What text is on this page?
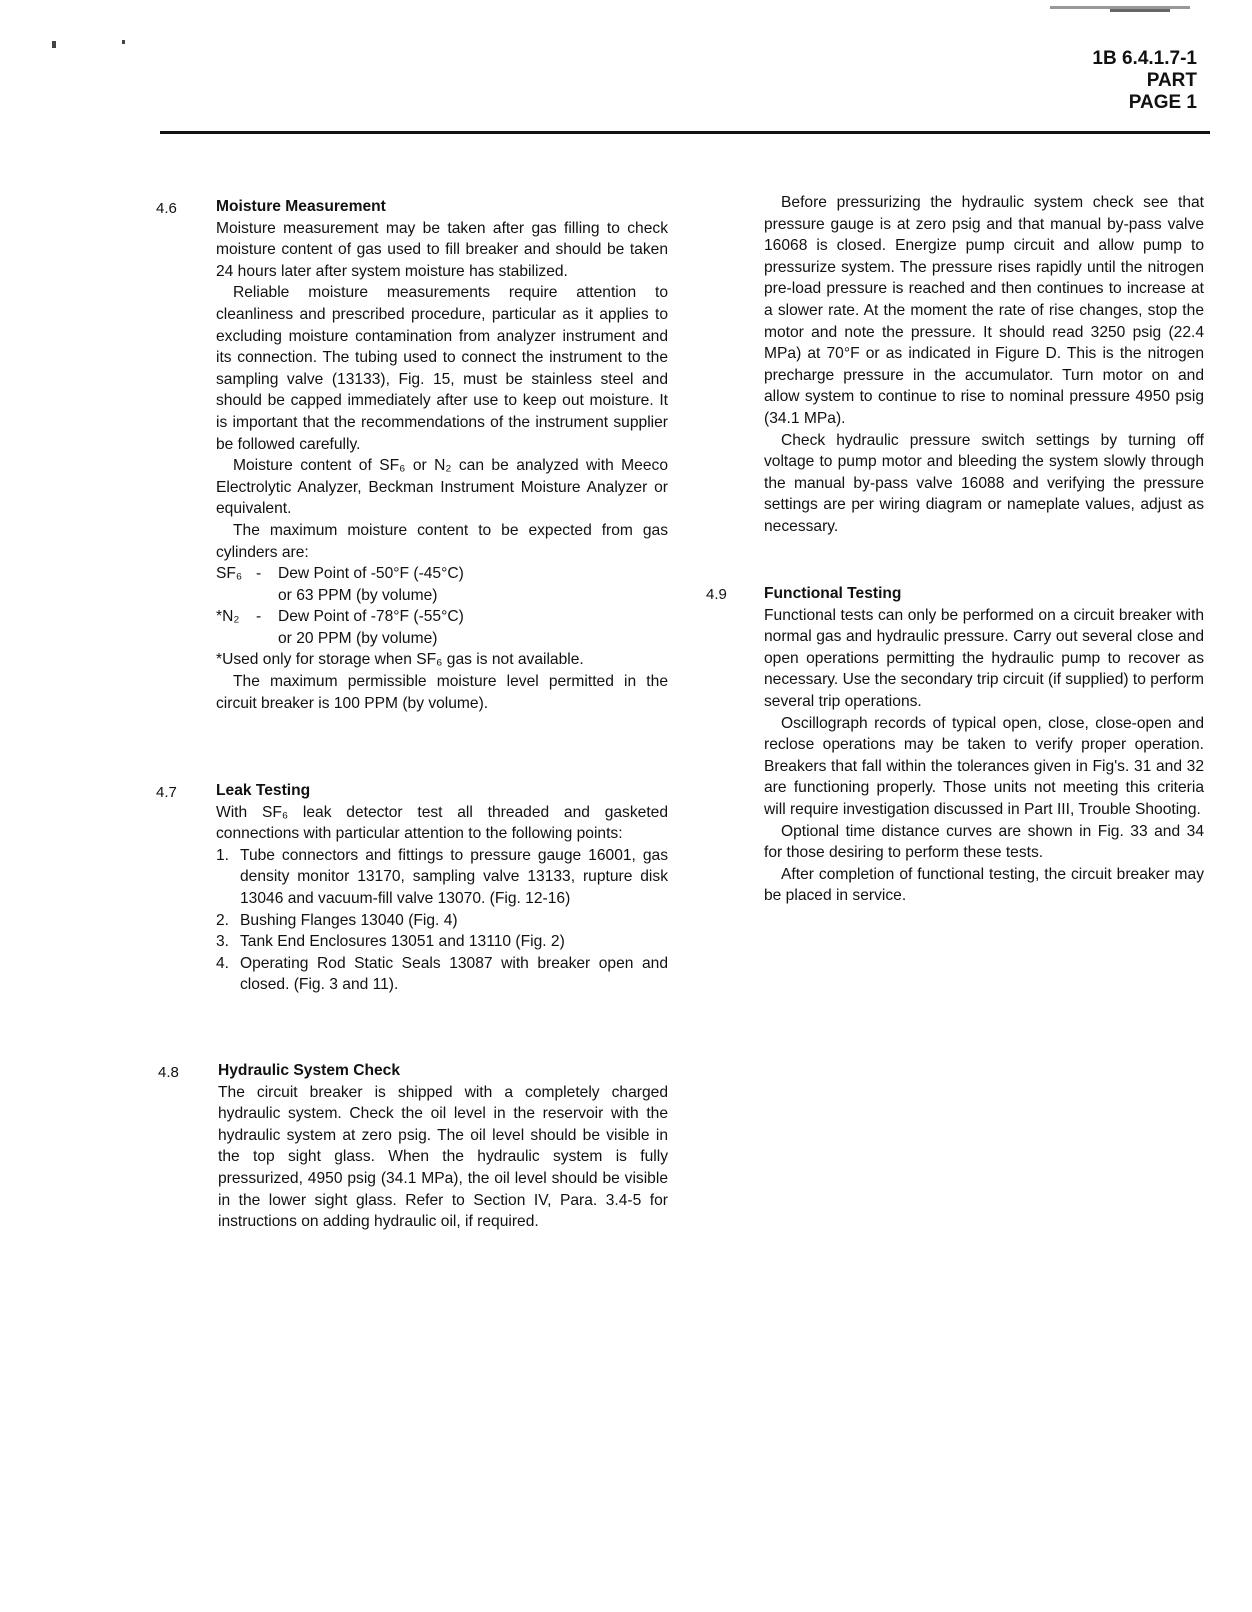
1B 6.4.1.7-1
PART
PAGE 1
4.6	Moisture Measurement

Moisture measurement may be taken after gas filling to check moisture content of gas used to fill breaker and should be taken 24 hours later after system moisture has stabilized.

Reliable moisture measurements require attention to cleanliness and prescribed procedure, particular as it applies to excluding moisture contamination from analyzer instrument and its connection. The tubing used to connect the instrument to the sampling valve (13133), Fig. 15, must be stainless steel and should be capped immediately after use to keep out moisture. It is important that the recommendations of the instrument supplier be followed carefully.

Moisture content of SF₆ or N₂ can be analyzed with Meeco Electrolytic Analyzer, Beckman Instrument Moisture Analyzer or equivalent.

The maximum moisture content to be expected from gas cylinders are:

SF₆ -	Dew Point of -50°F (-45°C)
or 63 PPM (by volume)
*N₂	-	Dew Point of -78°F (-55°C)
or 20 PPM (by volume)

*Used only for storage when SF₆ gas is not available.

The maximum permissible moisture level permitted in the circuit breaker is 100 PPM (by volume).

4.7	Leak Testing

With SF₆ leak detector test all threaded and gasketed connections with particular attention to the following points:

1. Tube connectors and fittings to pressure gauge 16001, gas density monitor 13170, sampling valve 13133, rupture disk 13046 and vacuum-fill valve 13070. (Fig. 12-16)
2. Bushing Flanges 13040 (Fig. 4)
3. Tank End Enclosures 13051 and 13110 (Fig. 2)
4. Operating Rod Static Seals 13087 with breaker open and closed. (Fig. 3 and 11).
4.8	Hydraulic System Check

The circuit breaker is shipped with a completely charged hydraulic system. Check the oil level in the reservoir with the hydraulic system at zero psig. The oil level should be visible in the top sight glass. When the hydraulic system is fully pressurized, 4950 psig (34.1 MPa), the oil level should be visible in the lower sight glass. Refer to Section IV, Para. 3.4-5 for instructions on adding hydraulic oil, if required.

Before pressurizing the hydraulic system check see that pressure gauge is at zero psig and that manual by-pass valve 16068 is closed. Energize pump circuit and allow pump to pressurize system. The pressure rises rapidly until the nitrogen pre-load pressure is reached and then continues to increase at a slower rate. At the moment the rate of rise changes, stop the motor and note the pressure. It should read 3250 psig (22.4 MPa) at 70°F or as indicated in Figure D. This is the nitrogen precharge pressure in the accumulator. Turn motor on and allow system to continue to rise to nominal pressure 4950 psig (34.1 MPa).

Check hydraulic pressure switch settings by turning off voltage to pump motor and bleeding the system slowly through the manual by-pass valve 16088 and verifying the pressure settings are per wiring diagram or nameplate values, adjust as necessary.

4.9 Functional Testing

Functional tests can only be performed on a circuit breaker with normal gas and hydraulic pressure. Carry out several close and open operations permitting the hydraulic pump to recover as necessary. Use the secondary trip circuit (if supplied) to perform several trip operations.

Oscillograph records of typical open, close, close-open and reclose operations may be taken to verify proper operation. Breakers that fall within the tolerances given in Fig's. 31 and 32 are functioning properly. Those units not meeting this criteria will require investigation discussed in Part III, Trouble Shooting.

Optional time distance curves are shown in Fig. 33 and 34 for those desiring to perform these tests.

After completion of functional testing, the circuit breaker may be placed in service.
